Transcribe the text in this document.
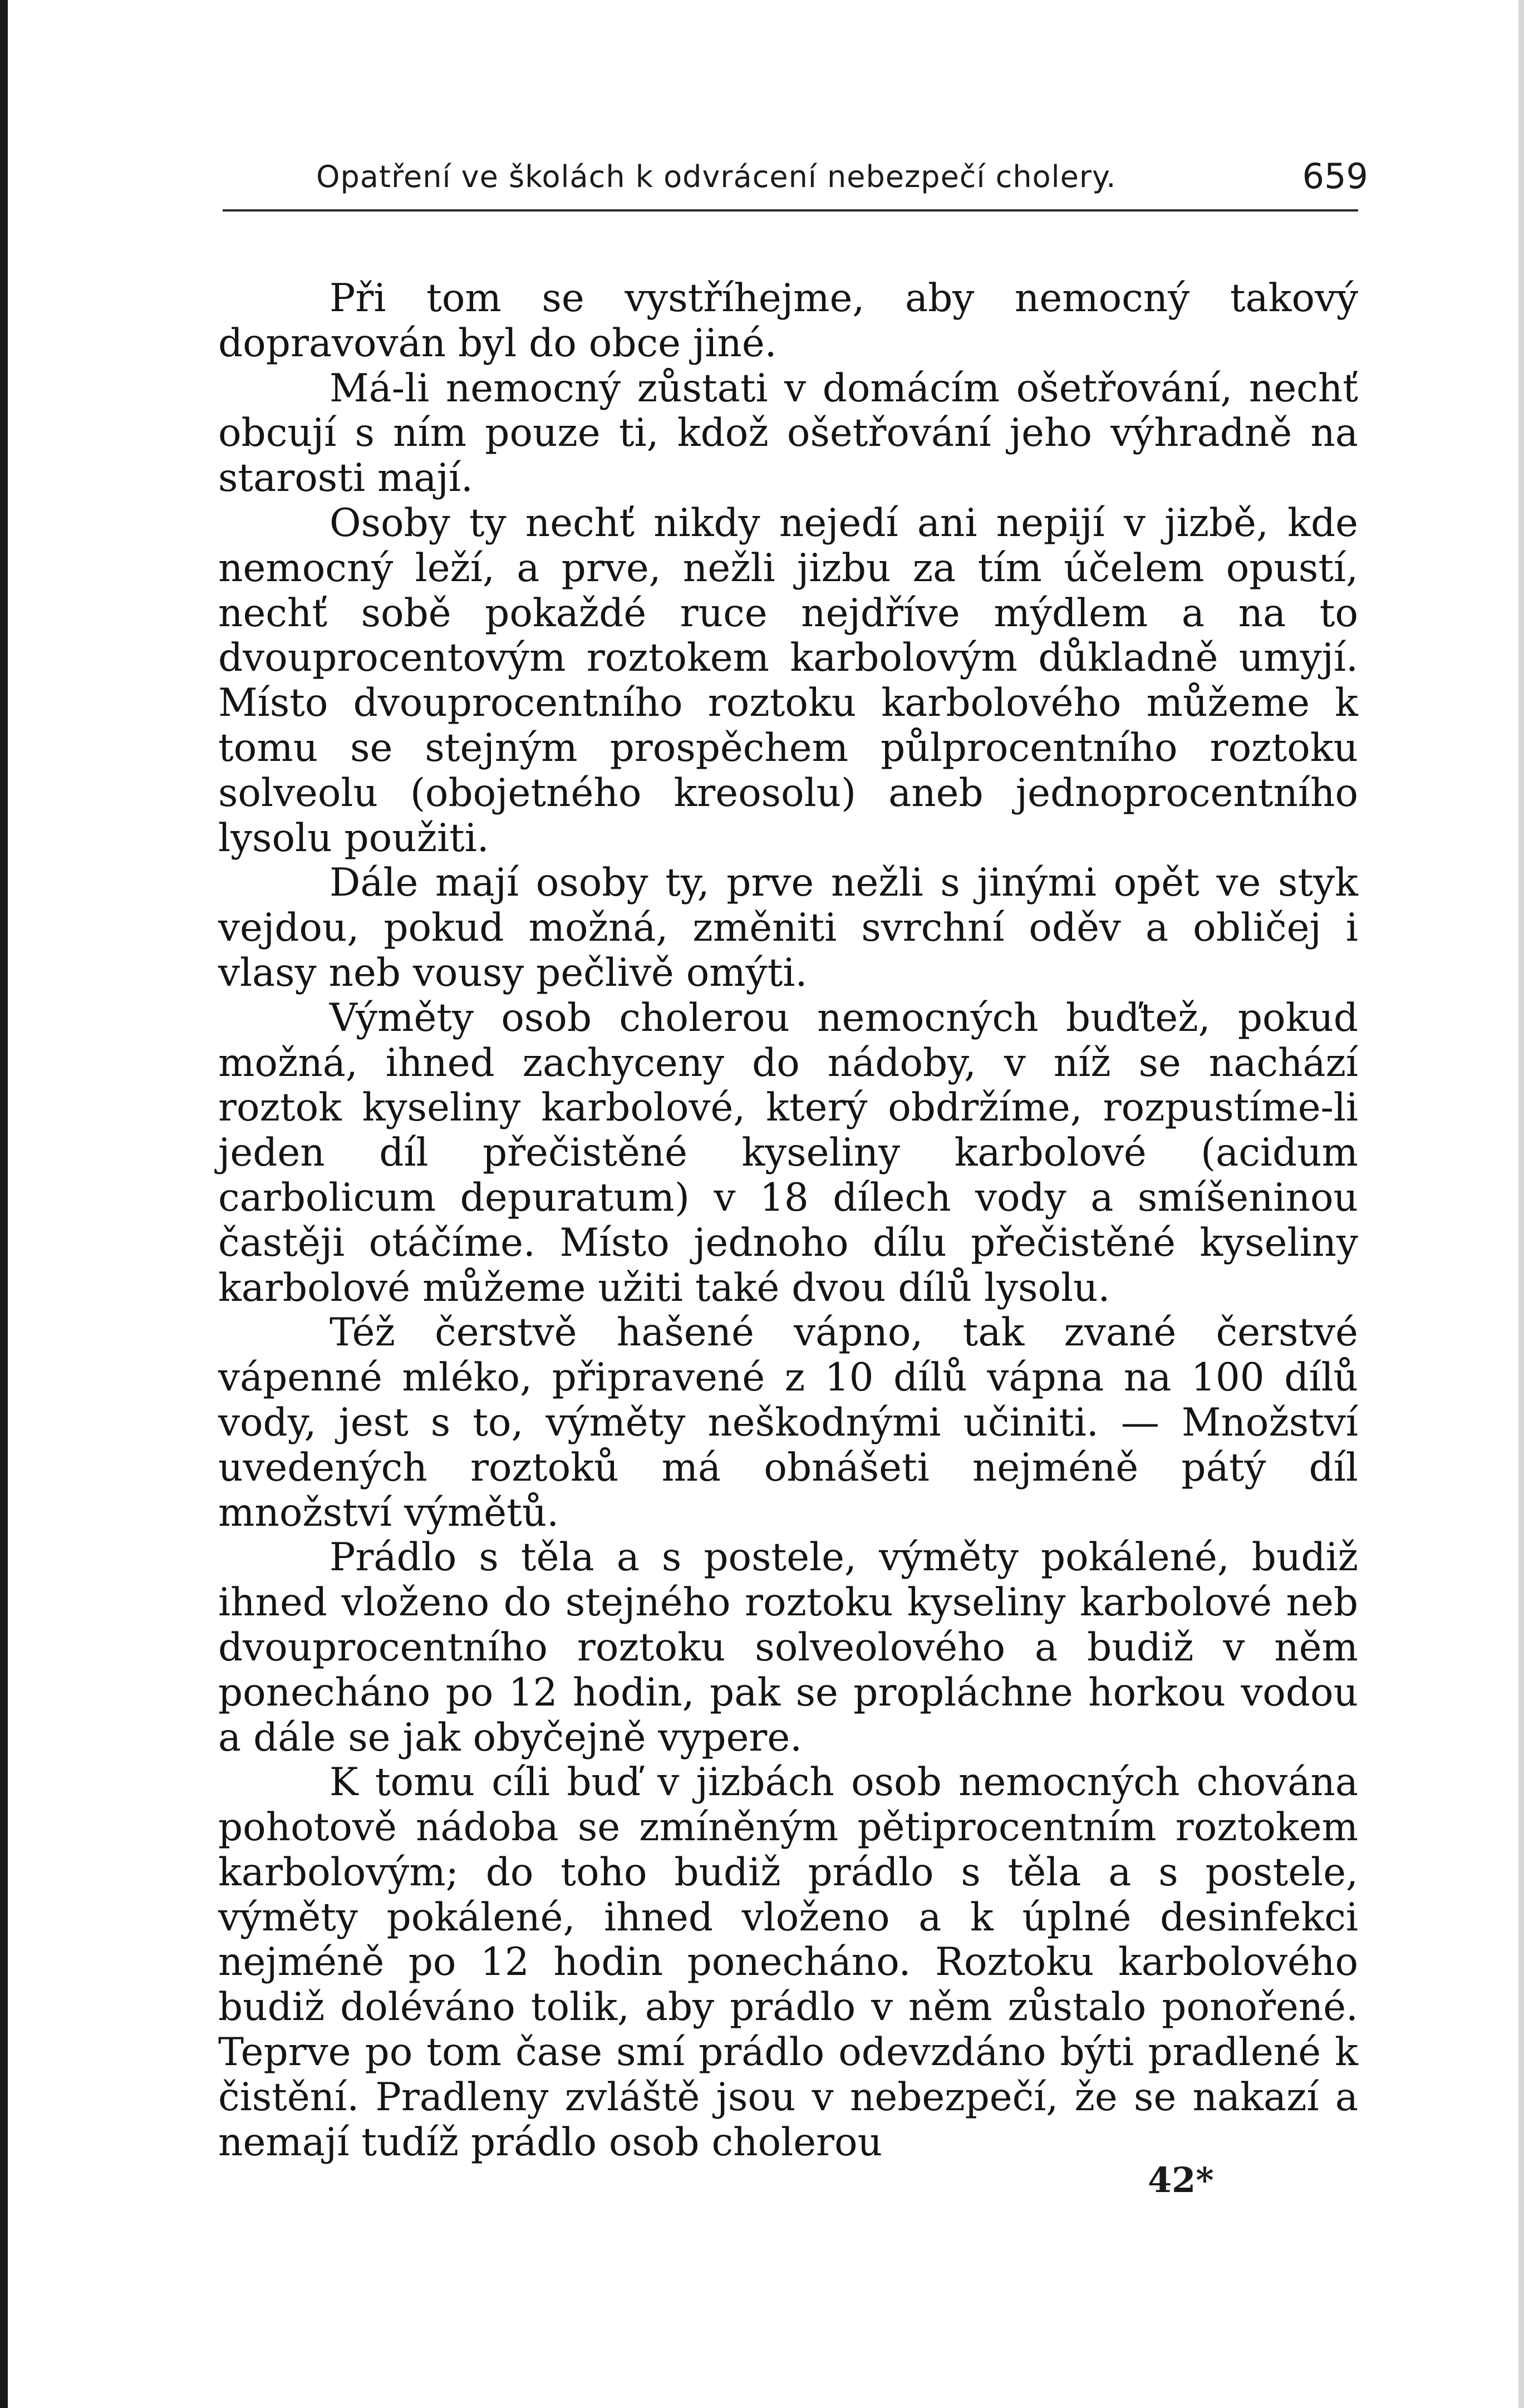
Opatření ve školách k odvrácení nebezpečí cholery.	659

Při tom se vystříhejme, aby nemocný takový dopravován byl do obce jiné.

Má-li nemocný zůstati v domácím ošetřování, nechť obcují s ním pouze ti, kdož ošetřování jeho výhradně na starosti mají.

Osoby ty nechť nikdy nejedí ani nepijí v jizbě, kde nemocný leží, a prve, nežli jizbu za tím účelem opustí, nechť sobě pokaždé ruce nejdříve mýdlem a na to dvouprocentovým roztokem karbolovým důkladně umyjí. Místo dvouprocentního roztoku karbolového můžeme k tomu se stejným prospěchem půlprocentního roztoku solveolu (obojetného kreosolu) aneb jednoprocentního lysolu použiti.

Dále mají osoby ty, prve nežli s jinými opět ve styk vejdou, pokud možná, změniti svrchní oděv a obličej i vlasy neb vousy pečlivě omýti.

Výměty osob cholerou nemocných buďtež, pokud možná, ihned zachyceny do nádoby, v níž se nachází roztok kyseliny karbolové, který obdržíme, rozpustíme-li jeden díl přečistěné kyseliny karbolové (acidum carbolicum depuratum) v 18 dílech vody a smíšeninou častěji otáčíme. Místo jednoho dílu přečistěné kyseliny karbolové můžeme užiti také dvou dílů lysolu.

Též čerstvě hašené vápno, tak zvané čerstvé vápenné mléko, připravené z 10 dílů vápna na 100 dílů vody, jest s to, výměty neškodnými učiniti. — Množství uvedených roztoků má obnášeti nejméně pátý díl množství výmětů.

Prádlo s těla a s postele, výměty pokálené, budiž ihned vloženo do stejného roztoku kyseliny karbolové neb dvouprocentního roztoku solveolového a budiž v něm ponecháno po 12 hodin, pak se propláchne horkou vodou a dále se jak obyčejně vypere.

K tomu cíli buď v jizbách osob nemocných chována pohotově nádoba se zmíněným pětiprocentním roztokem karbolovým; do toho budiž prádlo s těla a s postele, výměty pokálené, ihned vloženo a k úplné desinfekci nejméně po 12 hodin ponecháno. Roztoku karbolového budiž doléváno tolik, aby prádlo v něm zůstalo ponořené. Teprve po tom čase smí prádlo odevzdáno býti pradlené k čistění. Pradleny zvláště jsou v nebezpečí, že se nakazí a nemají tudíž prádlo osob cholerou

42*
